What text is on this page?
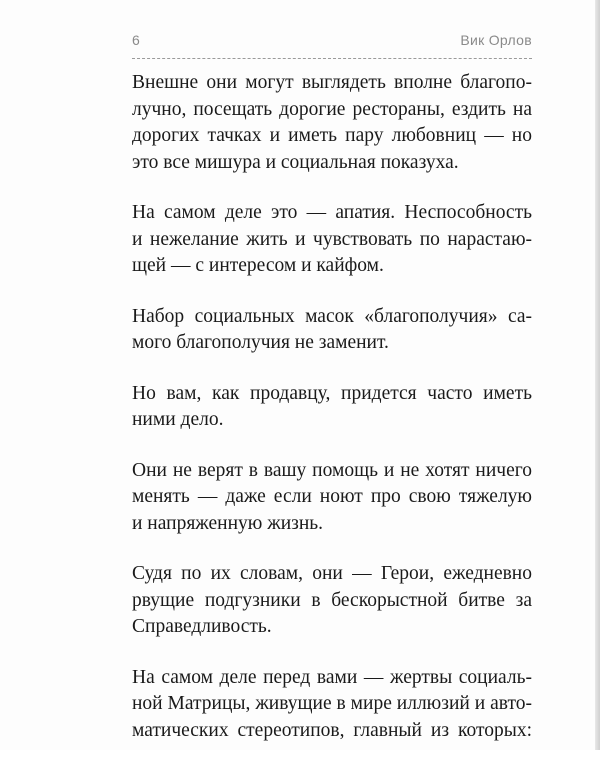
6	Вик Орлов

Внешне они могут выглядеть вполне благопо-
лучно, посещать дорогие рестораны, ездить на
дорогих тачках и иметь пару любовниц — но
это все мишура и социальная показуха.

На самом деле это — апатия. Неспособность
и нежелание жить и чувствовать по нарастаю-
щей — с интересом и кайфом.

Набор социальных масок «благополучия» са-
мого благополучия не заменит.

Но вам, как продавцу, придется часто иметь
ними дело.

Они не верят в вашу помощь и не хотят ничего
менять — даже если ноют про свою тяжелую
и напряженную жизнь.

Судя по их словам, они — Герои, ежедневно
рвущие подгузники в бескорыстной битве за
Справедливость.

На самом деле перед вами — жертвы социаль-
ной Матрицы, живущие в мире иллюзий и авто-
матических стереотипов, главный из которых:
